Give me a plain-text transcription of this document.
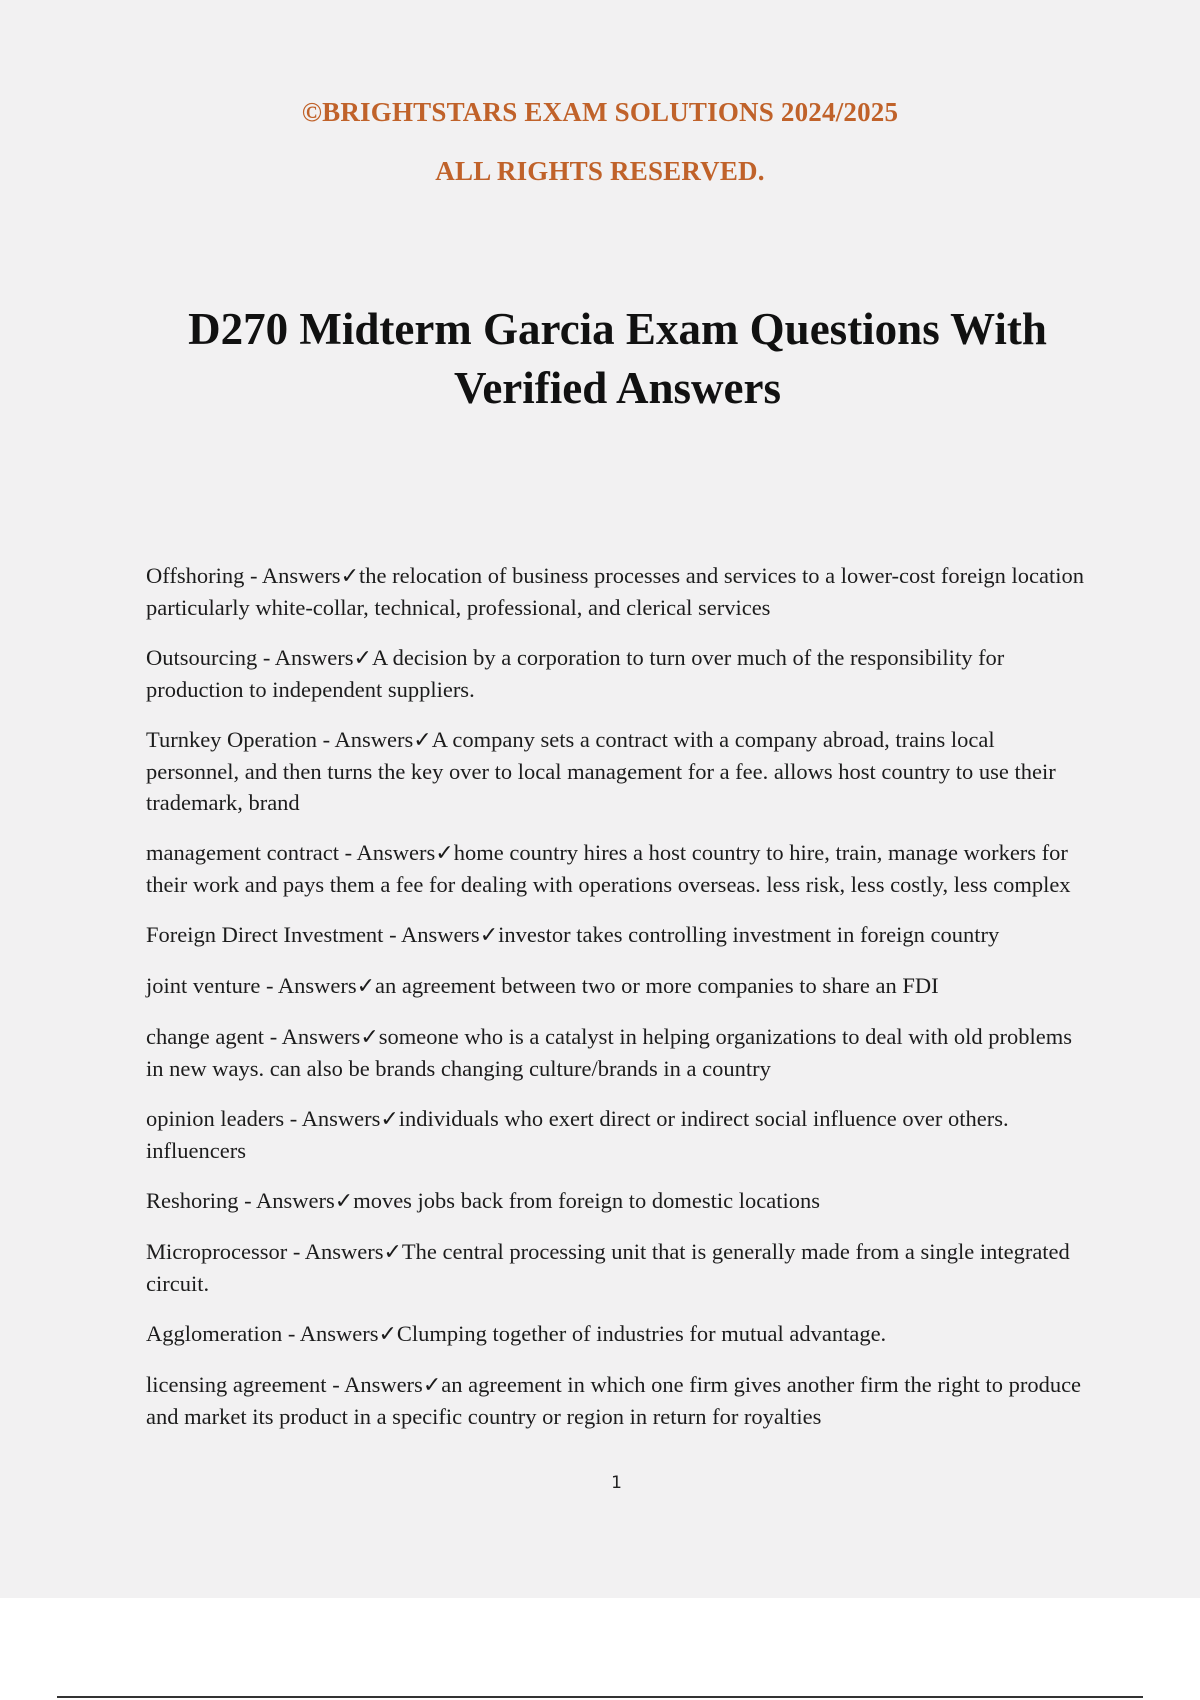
©BRIGHTSTARS EXAM SOLUTIONS 2024/2025
ALL RIGHTS RESERVED.
D270 Midterm Garcia Exam Questions With
Verified Answers
Offshoring - Answers✓the relocation of business processes and services to a lower-cost foreign location particularly white-collar, technical, professional, and clerical services
Outsourcing - Answers✓A decision by a corporation to turn over much of the responsibility for production to independent suppliers.
Turnkey Operation - Answers✓A company sets a contract with a company abroad, trains local personnel, and then turns the key over to local management for a fee. allows host country to use their trademark, brand
management contract - Answers✓home country hires a host country to hire, train, manage workers for their work and pays them a fee for dealing with operations overseas. less risk, less costly, less complex
Foreign Direct Investment - Answers✓investor takes controlling investment in foreign country
joint venture - Answers✓an agreement between two or more companies to share an FDI
change agent - Answers✓someone who is a catalyst in helping organizations to deal with old problems in new ways. can also be brands changing culture/brands in a country
opinion leaders - Answers✓individuals who exert direct or indirect social influence over others. influencers
Reshoring - Answers✓moves jobs back from foreign to domestic locations
Microprocessor - Answers✓The central processing unit that is generally made from a single integrated circuit.
Agglomeration - Answers✓Clumping together of industries for mutual advantage.
licensing agreement - Answers✓an agreement in which one firm gives another firm the right to produce and market its product in a specific country or region in return for royalties
1
